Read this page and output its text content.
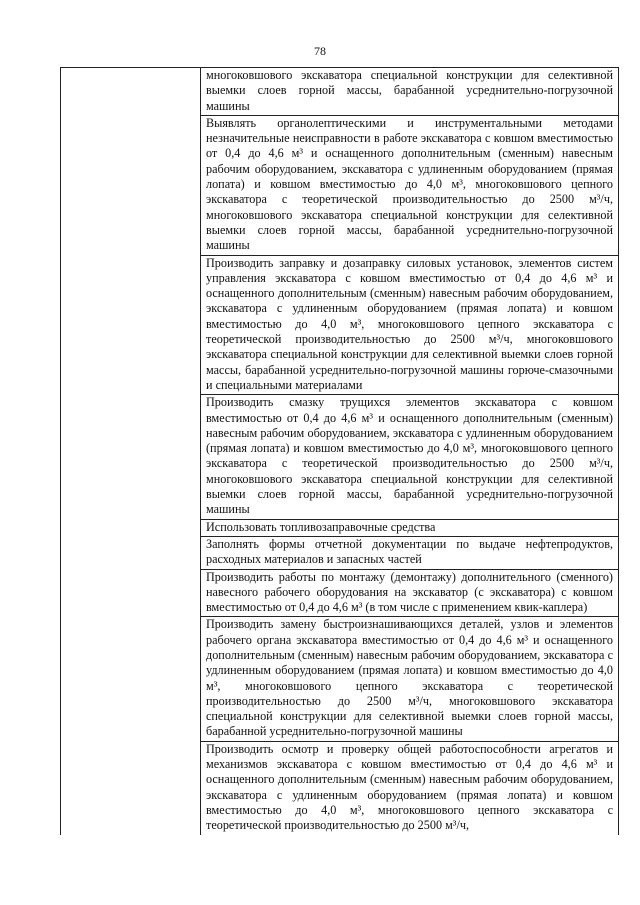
78

многоковшового экскаватора специальной конструкции для селективной выемки слоев горной массы, барабанной усреднительно-погрузочной машины

Выявлять органолептическими и инструментальными методами незначительные неисправности в работе экскаватора с ковшом вместимостью от 0,4 до 4,6 м³ и оснащенного дополнительным (сменным) навесным рабочим оборудованием, экскаватора с удлиненным оборудованием (прямая лопата) и ковшом вместимостью до 4,0 м³, многоковшового цепного экскаватора с теоретической производительностью до 2500 м³/ч, многоковшового экскаватора специальной конструкции для селективной выемки слоев горной массы, барабанной усреднительно-погрузочной машины

Производить заправку и дозаправку силовых установок, элементов систем управления экскаватора с ковшом вместимостью от 0,4 до 4,6 м³ и оснащенного дополнительным (сменным) навесным рабочим оборудованием, экскаватора с удлиненным оборудованием (прямая лопата) и ковшом вместимостью до 4,0 м³, многоковшового цепного экскаватора с теоретической производительностью до 2500 м³/ч, многоковшового экскаватора специальной конструкции для селективной выемки слоев горной массы, барабанной усреднительно-погрузочной машины горюче-смазочными и специальными материалами

Производить смазку трущихся элементов экскаватора с ковшом вместимостью от 0,4 до 4,6 м³ и оснащенного дополнительным (сменным) навесным рабочим оборудованием, экскаватора с удлиненным оборудованием (прямая лопата) и ковшом вместимостью до 4,0 м³, многоковшового цепного экскаватора с теоретической производительностью до 2500 м³/ч, многоковшового экскаватора специальной конструкции для селективной выемки слоев горной массы, барабанной усреднительно-погрузочной машины

Использовать топливозаправочные средства

Заполнять формы отчетной документации по выдаче нефтепродуктов, расходных материалов и запасных частей

Производить работы по монтажу (демонтажу) дополнительного (сменного) навесного рабочего оборудования на экскаватор (с экскаватора) с ковшом вместимостью от 0,4 до 4,6 м³ (в том числе с применением квик-каплера)

Производить замену быстроизнашивающихся деталей, узлов и элементов рабочего органа экскаватора вместимостью от 0,4 до 4,6 м³ и оснащенного дополнительным (сменным) навесным рабочим оборудованием, экскаватора с удлиненным оборудованием (прямая лопата) и ковшом вместимостью до 4,0 м³, многоковшового цепного экскаватора с теоретической производительностью до 2500 м³/ч, многоковшового экскаватора специальной конструкции для селективной выемки слоев горной массы, барабанной усреднительно-погрузочной машины

Производить осмотр и проверку общей работоспособности агрегатов и механизмов экскаватора с ковшом вместимостью от 0,4 до 4,6 м³ и оснащенного дополнительным (сменным) навесным рабочим оборудованием, экскаватора с удлиненным оборудованием (прямая лопата) и ковшом вместимостью до 4,0 м³, многоковшового цепного экскаватора с теоретической производительностью до 2500 м³/ч,
